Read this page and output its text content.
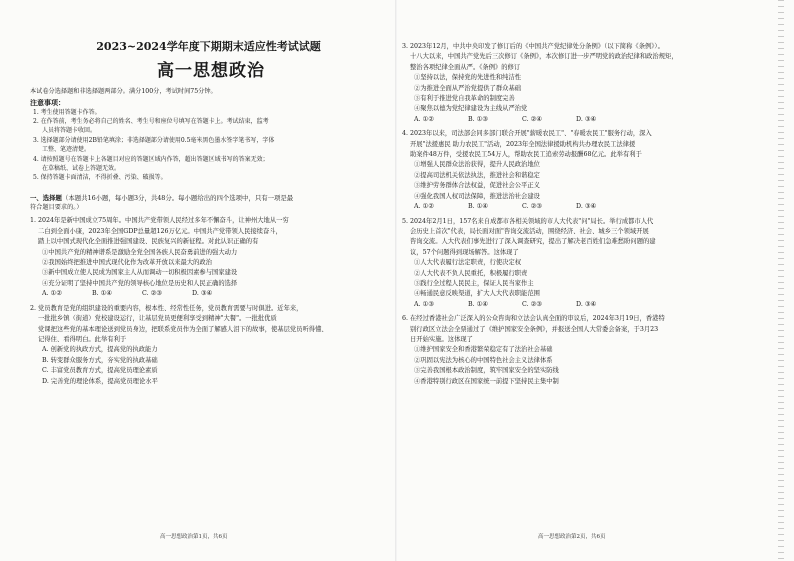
2023~2024学年度下期期末适应性考试试题
高一思想政治

本试卷分选择题和非选择题两部分。满分100分，考试时间75分钟。

注意事项：
1. 考生使用答题卡作答。
2. 在作答前，考生务必将自己的姓名、考生号和座位号填写在答题卡上。考试结束，监考
人员将答题卡收回。
3. 选择题部分请使用2B铅笔填涂；非选择题部分请使用0.5毫米黑色墨水签字笔书写，字体
工整、笔迹清楚。
4. 请按照题号在答题卡上各题目对应的答题区域内作答，超出答题区域书写的答案无效；
在草稿纸、试卷上答题无效。
5. 保持答题卡面清洁，不得折叠、污染、破损等。
一、选择题（本题共16小题，每小题3分，共48分。每小题给出的四个选项中，只有一项是最
符合题目要求的。）
1. 2024年是新中国成立75周年。中国共产党带领人民经过多年不懈奋斗，让神州大地从一穷
二白到全面小康，2023年全国GDP总量超126万亿元。中国共产党带领人民接续奋斗，
踏上以中国式现代化全面推进强国建设、民族复兴的新征程。对此认识正确的有
①中国共产党的精神谱系是激励全党全国各族人民奋勇前进的强大动力
②我国始终把推进中国式现代化作为改革开放以来最大的政治
③新中国成立使人民成为国家主人从而调动一切积极因素参与国家建设
④充分证明了坚持中国共产党的领导核心地位是历史和人民正确的选择
A. ①②	B. ①④	C. ②③	D. ③④
2. 党员教育是党的组织建设的重要内容，根本性、经常性任务，党员教育需要与时俱进。近年来，
一批批乡镇（街道）党校建设运行，让基层党员更便利享受到精神"大餐"。一批批优质
党课把这些党的基本理论送到党员身边，把联系党员作为全面了解感人泪下的故事，使基层党员听得懂、
记得住、看得明白。此举有利于
A. 创新党的执政方式，提高党的执政能力
B. 转变群众服务方式，夯实党的执政基础
C. 丰富党员教育方式，提高党员理论素质
D. 完善党的理论体系，提高党员理论水平
高一思想政治第1页，共6页
3. 2023年12月，中共中央印发了修订后的《中国共产党纪律处分条例》（以下简称《条例》）。
十八大以来，中国共产党先后三次修订《条例》，本次修订进一步严明党的政治纪律和政治规矩，
整治各项纪律全面从严。《条例》的修订
①坚持以法，保持党的先进性和纯洁性
②为推进全面从严治党提供了群众基础
③有利于推进党自我革命的制度完善
④聚焦以德为党纪律建设为主线从严治党
A. ①②	B. ①③	C. ②④	D. ③④
4. 2023年以来，司法部会同多部门联合开展"薪暖农民工"、"春暖农民工"服务行动，深入
开展"法援惠民 助力农民工"活动，2023年全国法律援助机构共办理农民工法律援
助案件48万件，受援农民工54万人，帮助农民工追索劳动报酬68亿元。此举有利于
①增强人民群众法治获得，提升人民政治地位
②提高司法机关依法执法，推进社会和谐稳定
③维护劳务群体合法权益，促进社会公平正义
④强化我国人权司法保障，推进法治社会建设
A. ①②	B. ①④	C. ②③	D. ③④
5. 2024年2月1日，157名来自成都市各相关领域的市人大代表"问"局长。举行成都市人代
会历史上首次"代表，局长面对面"咨询交流活动，围绕经济、社会、城乡三个领域开展
咨询交流。人大代表们事先进行了深入调查研究，提出了解决老百姓们急难愁盼问题的建
议，57个问题得到现场解答。这体现了
①人大代表履行法定职责，行使决定权
②人大代表不负人民重托，积极履行职责
③践行全过程人民民主，保证人民当家作主
④畅通民意反映渠道，扩大人大代表职能范围
A. ①③	B. ①④	C. ②③	D. ③④
6. 在经过香港社会广泛深入的公众咨询和立法会认真全面的审议后，2024年3月19日，香港特
别行政区立法会全票通过了《维护国家安全条例》，并报送全国人大常委会备案，于3月23
日开始实施。这体现了
①维护国家安全和香港繁荣稳定有了法治社会基础
②巩固以宪法为核心的中国特色社会主义法律体系
③完善我国根本政治制度，筑牢国家安全的坚实防线
④香港特别行政区在国家统一前提下坚持民主集中制
高一思想政治第2页，共6页
